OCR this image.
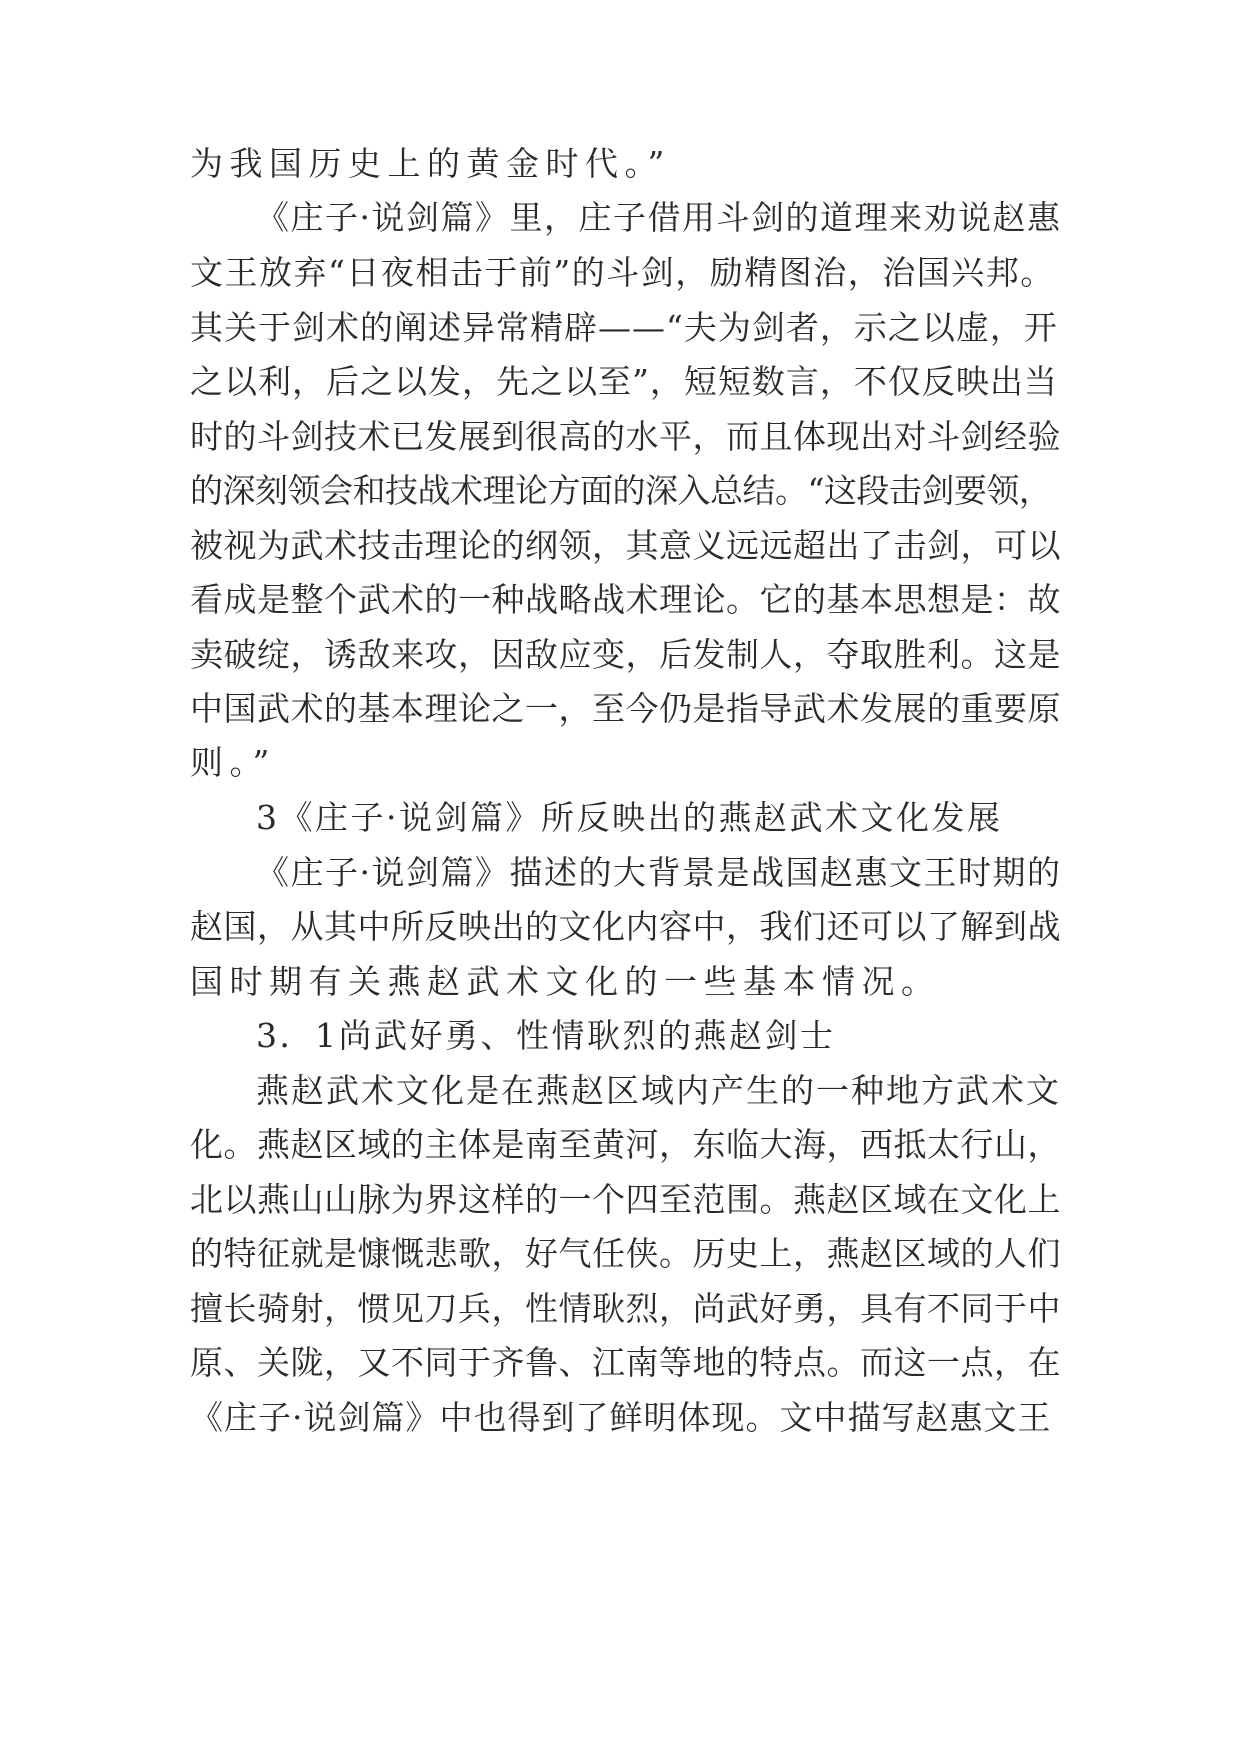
为我国历史上的黄金时代。”

《庄子·说剑篇》里，庄子借用斗剑的道理来劝说赵惠

文王放弃“日夜相击于前”的斗剑，励精图治，治国兴邦。

其关于剑术的阐述异常精辟——“夫为剑者，示之以虚，开

之以利，后之以发，先之以至”，短短数言，不仅反映出当

时的斗剑技术已发展到很高的水平，而且体现出对斗剑经验

的深刻领会和技战术理论方面的深入总结。“这段击剑要领，

被视为武术技击理论的纲领，其意义远远超出了击剑，可以

看成是整个武术的一种战略战术理论。它的基本思想是：故

卖破绽，诱敌来攻，因敌应变，后发制人，夺取胜利。这是

中国武术的基本理论之一，至今仍是指导武术发展的重要原

则。”

3《庄子·说剑篇》所反映出的燕赵武术文化发展

《庄子·说剑篇》描述的大背景是战国赵惠文王时期的

赵国，从其中所反映出的文化内容中，我们还可以了解到战

国时期有关燕赵武术文化的一些基本情况。

3．1尚武好勇、性情耿烈的燕赵剑士

燕赵武术文化是在燕赵区域内产生的一种地方武术文

化。燕赵区域的主体是南至黄河，东临大海，西抵太行山，

北以燕山山脉为界这样的一个四至范围。燕赵区域在文化上

的特征就是慷慨悲歌，好气任侠。历史上，燕赵区域的人们

擅长骑射，惯见刀兵，性情耿烈，尚武好勇，具有不同于中

原、关陇，又不同于齐鲁、江南等地的特点。而这一点，在

《庄子·说剑篇》中也得到了鲜明体现。文中描写赵惠文王
